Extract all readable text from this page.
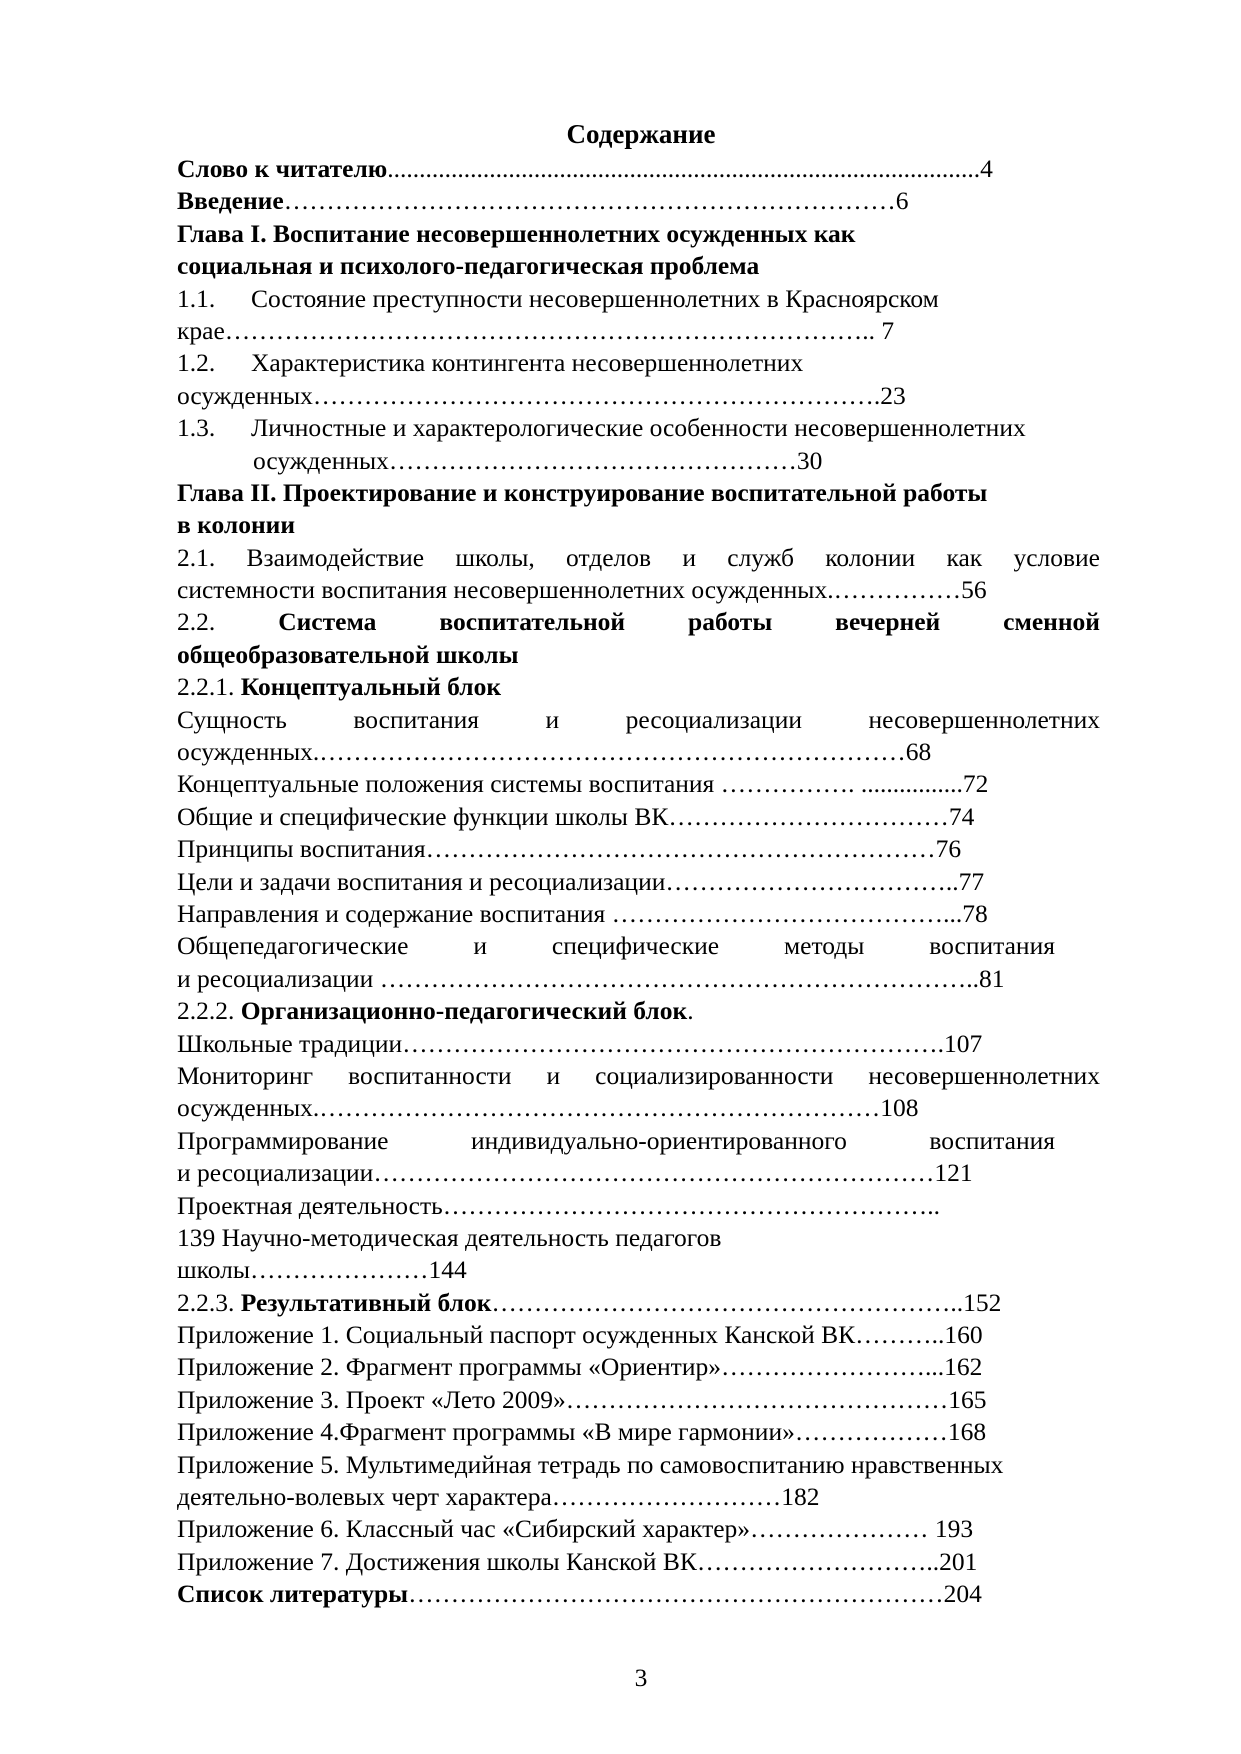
Содержание
Слово к читателю.............................................................................................4
Введение………………………………………………………………6
Глава I. Воспитание несовершеннолетних осужденных как
социальная и психолого-педагогическая проблема
1.1. Состояние преступности несовершеннолетних в Красноярском
крае………………………………………………………………….. 7
1.2. Характеристика контингента несовершеннолетних
осужденных………………………………………………………….23
1.3. Личностные и характерологические особенности несовершеннолетних
осужденных…………………………………………30
Глава II. Проектирование и конструирование воспитательной работы
в колонии
2.1. Взаимодействие школы, отделов и служб колонии как условие
системности воспитания несовершеннолетних осужденных.……………56
2.2. Система воспитательной работы вечерней сменной
общеобразовательной школы
2.2.1. Концептуальный блок
Сущность	воспитания	и	ресоциализации	несовершеннолетних
осужденных.……………………………………………………………68
Концептуальные положения системы воспитания ……………. ................72
Общие и специфические функции школы ВК……………………………74
Принципы воспитания……………………………………………………76
Цели и задачи воспитания и ресоциализации……………………………..77
Направления и содержание воспитания …………………………………...78
Общепедагогические	и	специфические	методы	воспитания
и ресоциализации ……………………………………………………………..81
2.2.2. Организационно-педагогический блок.
Школьные традиции……………………………………………………….107
Мониторинг воспитанности и социализированности несовершеннолетних
осужденных.…………………………………………………………108
Программирование	индивидуально-ориентированного	воспитания
и ресоциализации…………………………………………………………121
Проектная деятельность…………………………………………………..
139 Научно-методическая деятельность педагогов
школы…………………144
2.2.3. Результативный блок………………………………………………..152
Приложение 1. Социальный паспорт осужденных Канской ВК………..160
Приложение 2. Фрагмент программы «Ориентир»……………………...162
Приложение 3. Проект «Лето 2009»………………………………………165
Приложение 4.Фрагмент программы «В мире гармонии»………………168
Приложение 5. Мультимедийная тетрадь по самовоспитанию нравственных
деятельно-волевых черт характера………………………182
Приложение 6. Классный час «Сибирский характер»………………… 193
Приложение 7. Достижения школы Канской ВК………………………..201
Список литературы………………………………………………………204
3
